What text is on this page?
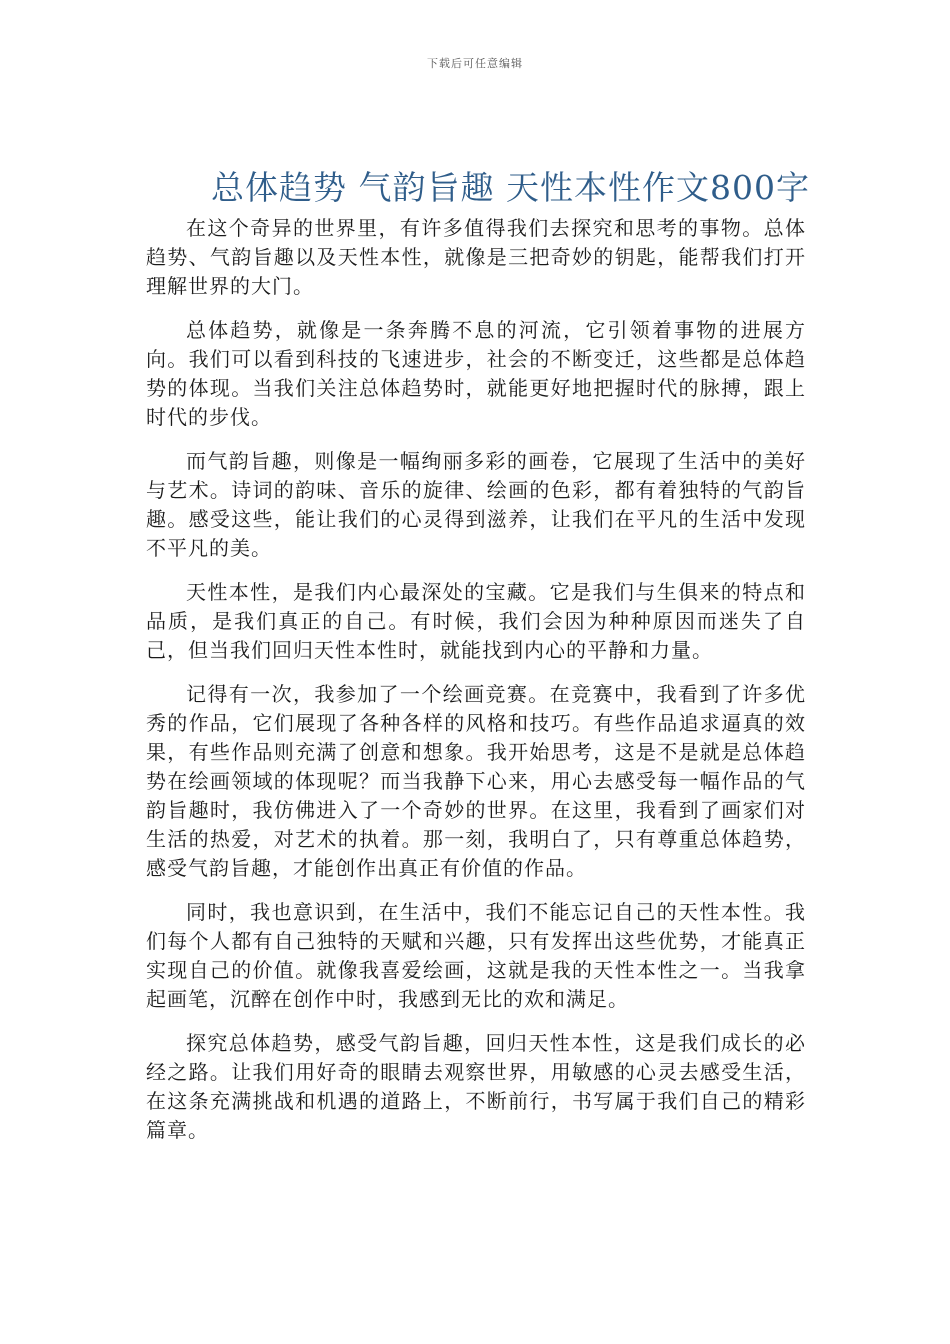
下载后可任意编辑
总体趋势 气韵旨趣 天性本性作文800字

在这个奇异的世界里，有许多值得我们去探究和思考的事物。总体趋势、气韵旨趣以及天性本性，就像是三把奇妙的钥匙，能帮我们打开理解世界的大门。

总体趋势，就像是一条奔腾不息的河流，它引领着事物的进展方向。我们可以看到科技的飞速进步，社会的不断变迁，这些都是总体趋势的体现。当我们关注总体趋势时，就能更好地把握时代的脉搏，跟上时代的步伐。

而气韵旨趣，则像是一幅绚丽多彩的画卷，它展现了生活中的美好与艺术。诗词的韵味、音乐的旋律、绘画的色彩，都有着独特的气韵旨趣。感受这些，能让我们的心灵得到滋养，让我们在平凡的生活中发现不平凡的美。

天性本性，是我们内心最深处的宝藏。它是我们与生俱来的特点和品质，是我们真正的自己。有时候，我们会因为种种原因而迷失了自己，但当我们回归天性本性时，就能找到内心的平静和力量。

记得有一次，我参加了一个绘画竞赛。在竞赛中，我看到了许多优秀的作品，它们展现了各种各样的风格和技巧。有些作品追求逼真的效果，有些作品则充满了创意和想象。我开始思考，这是不是就是总体趋势在绘画领域的体现呢？而当我静下心来，用心去感受每一幅作品的气韵旨趣时，我仿佛进入了一个奇妙的世界。在这里，我看到了画家们对生活的热爱，对艺术的执着。那一刻，我明白了，只有尊重总体趋势，感受气韵旨趣，才能创作出真正有价值的作品。

同时，我也意识到，在生活中，我们不能忘记自己的天性本性。我们每个人都有自己独特的天赋和兴趣，只有发挥出这些优势，才能真正实现自己的价值。就像我喜爱绘画，这就是我的天性本性之一。当我拿起画笔，沉醉在创作中时，我感到无比的欢和满足。

探究总体趋势，感受气韵旨趣，回归天性本性，这是我们成长的必经之路。让我们用好奇的眼睛去观察世界，用敏感的心灵去感受生活，在这条充满挑战和机遇的道路上，不断前行，书写属于我们自己的精彩篇章。
